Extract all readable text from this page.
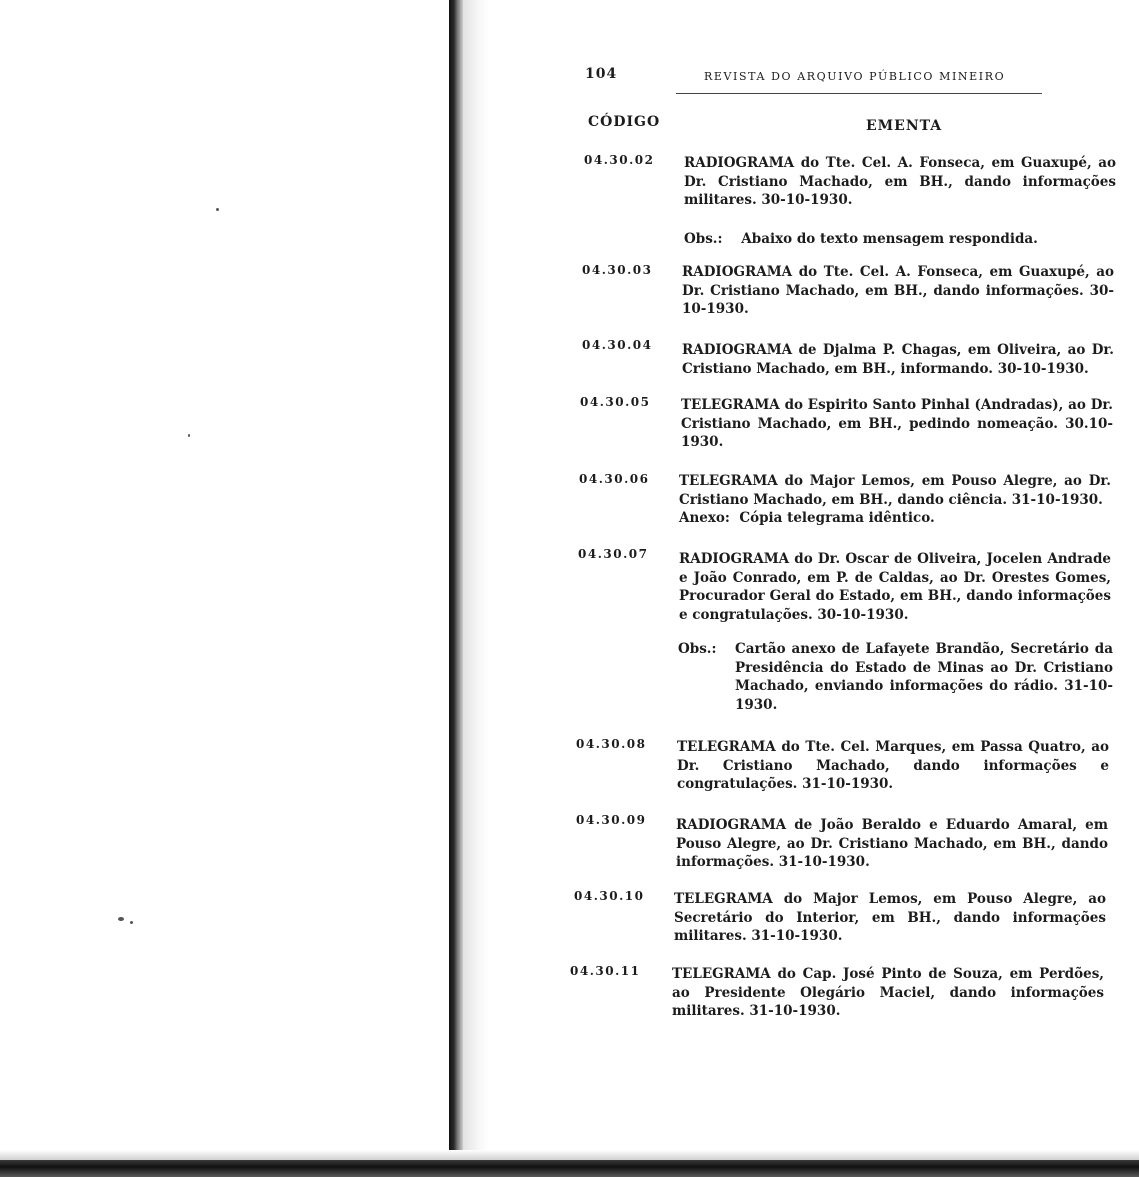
104	REVISTA DO ARQUIVO PÚBLICO MINEIRO
CÓDIGO	EMENTA
04.30.02 RADIOGRAMA do Tte. Cel. A. Fonseca, em Guaxupé, ao Dr. Cristiano Machado, em BH., dando informações militares. 30-10-1930.

Obs.: Abaixo do texto mensagem respondida.
04.30.03 RADIOGRAMA do Tte. Cel. A. Fonseca, em Guaxupé, ao Dr. Cristiano Machado, em BH., dando informações. 30-10-1930.

04.30.04 RADIOGRAMA de Djalma P. Chagas, em Oliveira, ao Dr. Cristiano Machado, em BH., informando. 30-10-1930.

04.30.05 TELEGRAMA do Espirito Santo Pinhal (Andradas), ao Dr. Cristiano Machado, em BH., pedindo nomeação. 30.10-1930.

04.30.06 TELEGRAMA do Major Lemos, em Pouso Alegre, ao Dr. Cristiano Machado, em BH., dando ciência. 31-10-1930.
Anexo: Cópia telegrama idêntico.

04.30.07 RADIOGRAMA do Dr. Oscar de Oliveira, Jocelen Andrade e João Conrado, em P. de Caldas, ao Dr. Orestes Gomes, Procurador Geral do Estado, em BH., dando informações e congratulações. 30-10-1930.

Obs.: Cartão anexo de Lafayete Brandão, Secretário da Presidência do Estado de Minas ao Dr. Cristiano Machado, enviando informações do rádio. 31-10-1930.
04.30.08 TELEGRAMA do Tte. Cel. Marques, em Passa Quatro, ao Dr. Cristiano Machado, dando informações e congratulações. 31-10-1930.

04.30.09 RADIOGRAMA de João Beraldo e Eduardo Amaral, em Pouso Alegre, ao Dr. Cristiano Machado, em BH., dando informações. 31-10-1930.

04.30.10 TELEGRAMA do Major Lemos, em Pouso Alegre, ao Secretário do Interior, em BH., dando informações militares. 31-10-1930.

04.30.11 TELEGRAMA do Cap. José Pinto de Souza, em Perdões, ao Presidente Olegário Maciel, dando informações militares. 31-10-1930.
